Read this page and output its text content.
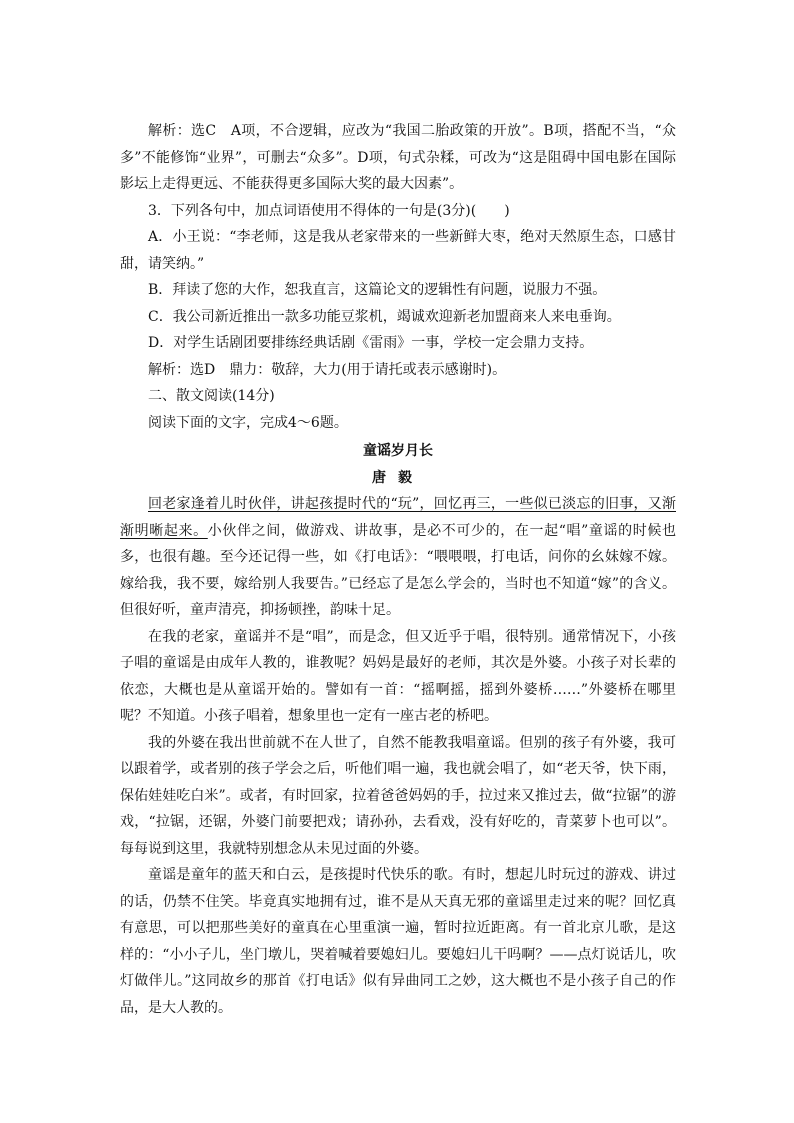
解析：选C　A项，不合逻辑，应改为“我国二胎政策的开放”。B项，搭配不当，“众多”不能修饰“业界”，可删去“众多”。D项，句式杂糅，可改为“这是阻碍中国电影在国际影坛上走得更远、不能获得更多国际大奖的最大因素”。

3．下列各句中，加点词语使用不得体的一句是(3分)(　　)

A．小王说：“李老师，这是我从老家带来的一些新鲜大枣，绝对天然原生态，口感甘甜，请笑纳。”

B．拜读了您的大作，恕我直言，这篇论文的逻辑性有问题，说服力不强。

C．我公司新近推出一款多功能豆浆机，竭诚欢迎新老加盟商来人来电垂询。

D．对学生话剧团要排练经典话剧《雷雨》一事，学校一定会鼎力支持。

解析：选D　鼎力：敬辞，大力(用于请托或表示感谢时)。

二、散文阅读(14分)

阅读下面的文字，完成4～6题。

童谣岁月长

唐毅

回老家逢着儿时伙伴，讲起孩提时代的“玩”，回忆再三，一些似已淡忘的旧事，又渐渐明晰起来。小伙伴之间，做游戏、讲故事，是必不可少的，在一起“唱”童谣的时候也多，也很有趣。至今还记得一些，如《打电话》：“喂喂喂，打电话，问你的幺妹嫁不嫁。嫁给我，我不要，嫁给别人我要告。”已经忘了是怎么学会的，当时也不知道“嫁”的含义。但很好听，童声清亮，抑扬顿挫，韵味十足。

在我的老家，童谣并不是“唱”，而是念，但又近乎于唱，很特别。通常情况下，小孩子唱的童谣是由成年人教的，谁教呢？妈妈是最好的老师，其次是外婆。小孩子对长辈的依恋，大概也是从童谣开始的。譬如有一首：“摇啊摇，摇到外婆桥……”外婆桥在哪里呢？不知道。小孩子唱着，想象里也一定有一座古老的桥吧。

我的外婆在我出世前就不在人世了，自然不能教我唱童谣。但别的孩子有外婆，我可以跟着学，或者别的孩子学会之后，听他们唱一遍，我也就会唱了，如“老天爷，快下雨，保佑娃娃吃白米”。或者，有时回家，拉着爸爸妈妈的手，拉过来又推过去，做“拉锯”的游戏，“拉锯，还锯，外婆门前要把戏；请孙孙，去看戏，没有好吃的，青菜萝卜也可以”。每每说到这里，我就特别想念从未见过面的外婆。

童谣是童年的蓝天和白云，是孩提时代快乐的歌。有时，想起儿时玩过的游戏、讲过的话，仍禁不住笑。毕竟真实地拥有过，谁不是从天真无邪的童谣里走过来的呢？回忆真有意思，可以把那些美好的童真在心里重演一遍，暂时拉近距离。有一首北京儿歌，是这样的：“小小子儿，坐门墩儿，哭着喊着要媳妇儿。要媳妇儿干吗啊？——点灯说话儿，吹灯做伴儿。”这同故乡的那首《打电话》似有异曲同工之妙，这大概也不是小孩子自己的作品，是大人教的。
